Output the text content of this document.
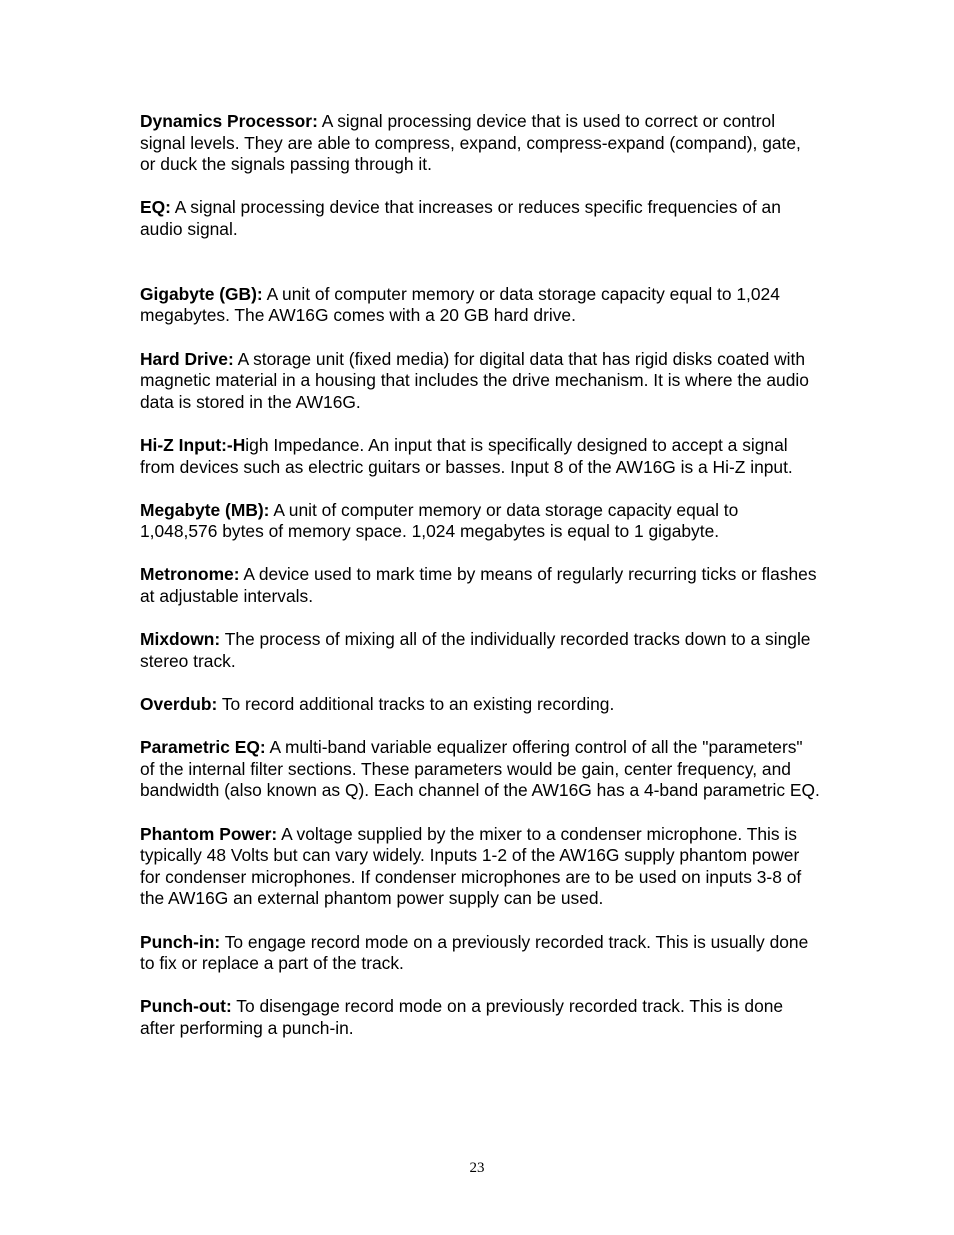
Dynamics Processor: A signal processing device that is used to correct or control signal levels. They are able to compress, expand, compress-expand (compand), gate, or duck the signals passing through it.

EQ: A signal processing device that increases or reduces specific frequencies of an audio signal.

Gigabyte (GB): A unit of computer memory or data storage capacity equal to 1,024 megabytes. The AW16G comes with a 20 GB hard drive.

Hard Drive: A storage unit (fixed media) for digital data that has rigid disks coated with magnetic material in a housing that includes the drive mechanism. It is where the audio data is stored in the AW16G.

Hi-Z Input:-High Impedance. An input that is specifically designed to accept a signal from devices such as electric guitars or basses. Input 8 of the AW16G is a Hi-Z input.

Megabyte (MB): A unit of computer memory or data storage capacity equal to 1,048,576 bytes of memory space. 1,024 megabytes is equal to 1 gigabyte.

Metronome: A device used to mark time by means of regularly recurring ticks or flashes at adjustable intervals.

Mixdown: The process of mixing all of the individually recorded tracks down to a single stereo track.

Overdub: To record additional tracks to an existing recording.

Parametric EQ: A multi-band variable equalizer offering control of all the "parameters" of the internal filter sections. These parameters would be gain, center frequency, and bandwidth (also known as Q). Each channel of the AW16G has a 4-band parametric EQ.

Phantom Power: A voltage supplied by the mixer to a condenser microphone. This is typically 48 Volts but can vary widely. Inputs 1-2 of the AW16G supply phantom power for condenser microphones. If condenser microphones are to be used on inputs 3-8 of the AW16G an external phantom power supply can be used.

Punch-in: To engage record mode on a previously recorded track. This is usually done to fix or replace a part of the track.

Punch-out: To disengage record mode on a previously recorded track. This is done after performing a punch-in.

23
